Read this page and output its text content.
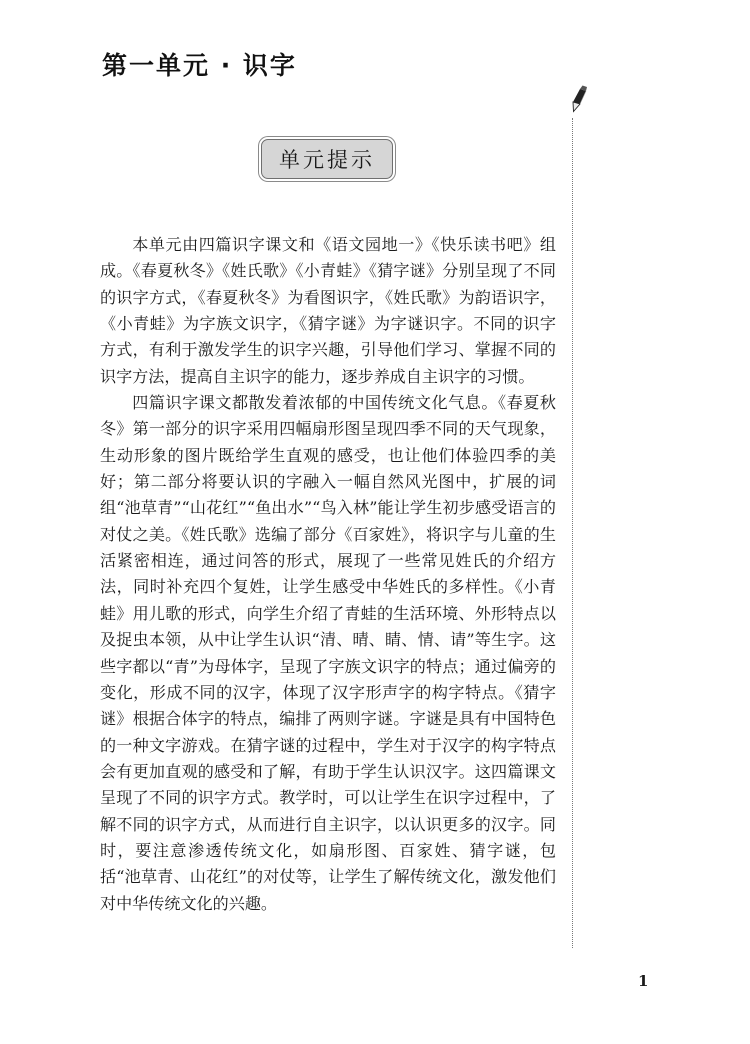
第一单元 · 识字
单元提示

本单元由四篇识字课文和《语文园地一》《快乐读书吧》组成。《春夏秋冬》《姓氏歌》《小青蛙》《猜字谜》分别呈现了不同的识字方式，《春夏秋冬》为看图识字，《姓氏歌》为韵语识字，《小青蛙》为字族文识字，《猜字谜》为字谜识字。不同的识字方式，有利于激发学生的识字兴趣，引导他们学习、掌握不同的识字方法，提高自主识字的能力，逐步养成自主识字的习惯。

四篇识字课文都散发着浓郁的中国传统文化气息。《春夏秋冬》第一部分的识字采用四幅扇形图呈现四季不同的天气现象，生动形象的图片既给学生直观的感受，也让他们体验四季的美好；第二部分将要认识的字融入一幅自然风光图中，扩展的词组“池草青”“山花红”“鱼出水”“鸟入林”能让学生初步感受语言的对仗之美。《姓氏歌》选编了部分《百家姓》，将识字与儿童的生活紧密相连，通过问答的形式，展现了一些常见姓氏的介绍方法，同时补充四个复姓，让学生感受中华姓氏的多样性。《小青蛙》用儿歌的形式，向学生介绍了青蛙的生活环境、外形特点以及捉虫本领，从中让学生认识“清、晴、睛、情、请”等生字。这些字都以“青”为母体字，呈现了字族文识字的特点；通过偏旁的变化，形成不同的汉字，体现了汉字形声字的构字特点。《猜字谜》根据合体字的特点，编排了两则字谜。字谜是具有中国特色的一种文字游戏。在猜字谜的过程中，学生对于汉字的构字特点会有更加直观的感受和了解，有助于学生认识汉字。这四篇课文呈现了不同的识字方式。教学时，可以让学生在识字过程中，了解不同的识字方式，从而进行自主识字，以认识更多的汉字。同时，要注意渗透传统文化，如扇形图、百家姓、猜字谜，包括“池草青、山花红”的对仗等，让学生了解传统文化，激发他们对中华传统文化的兴趣。

1
